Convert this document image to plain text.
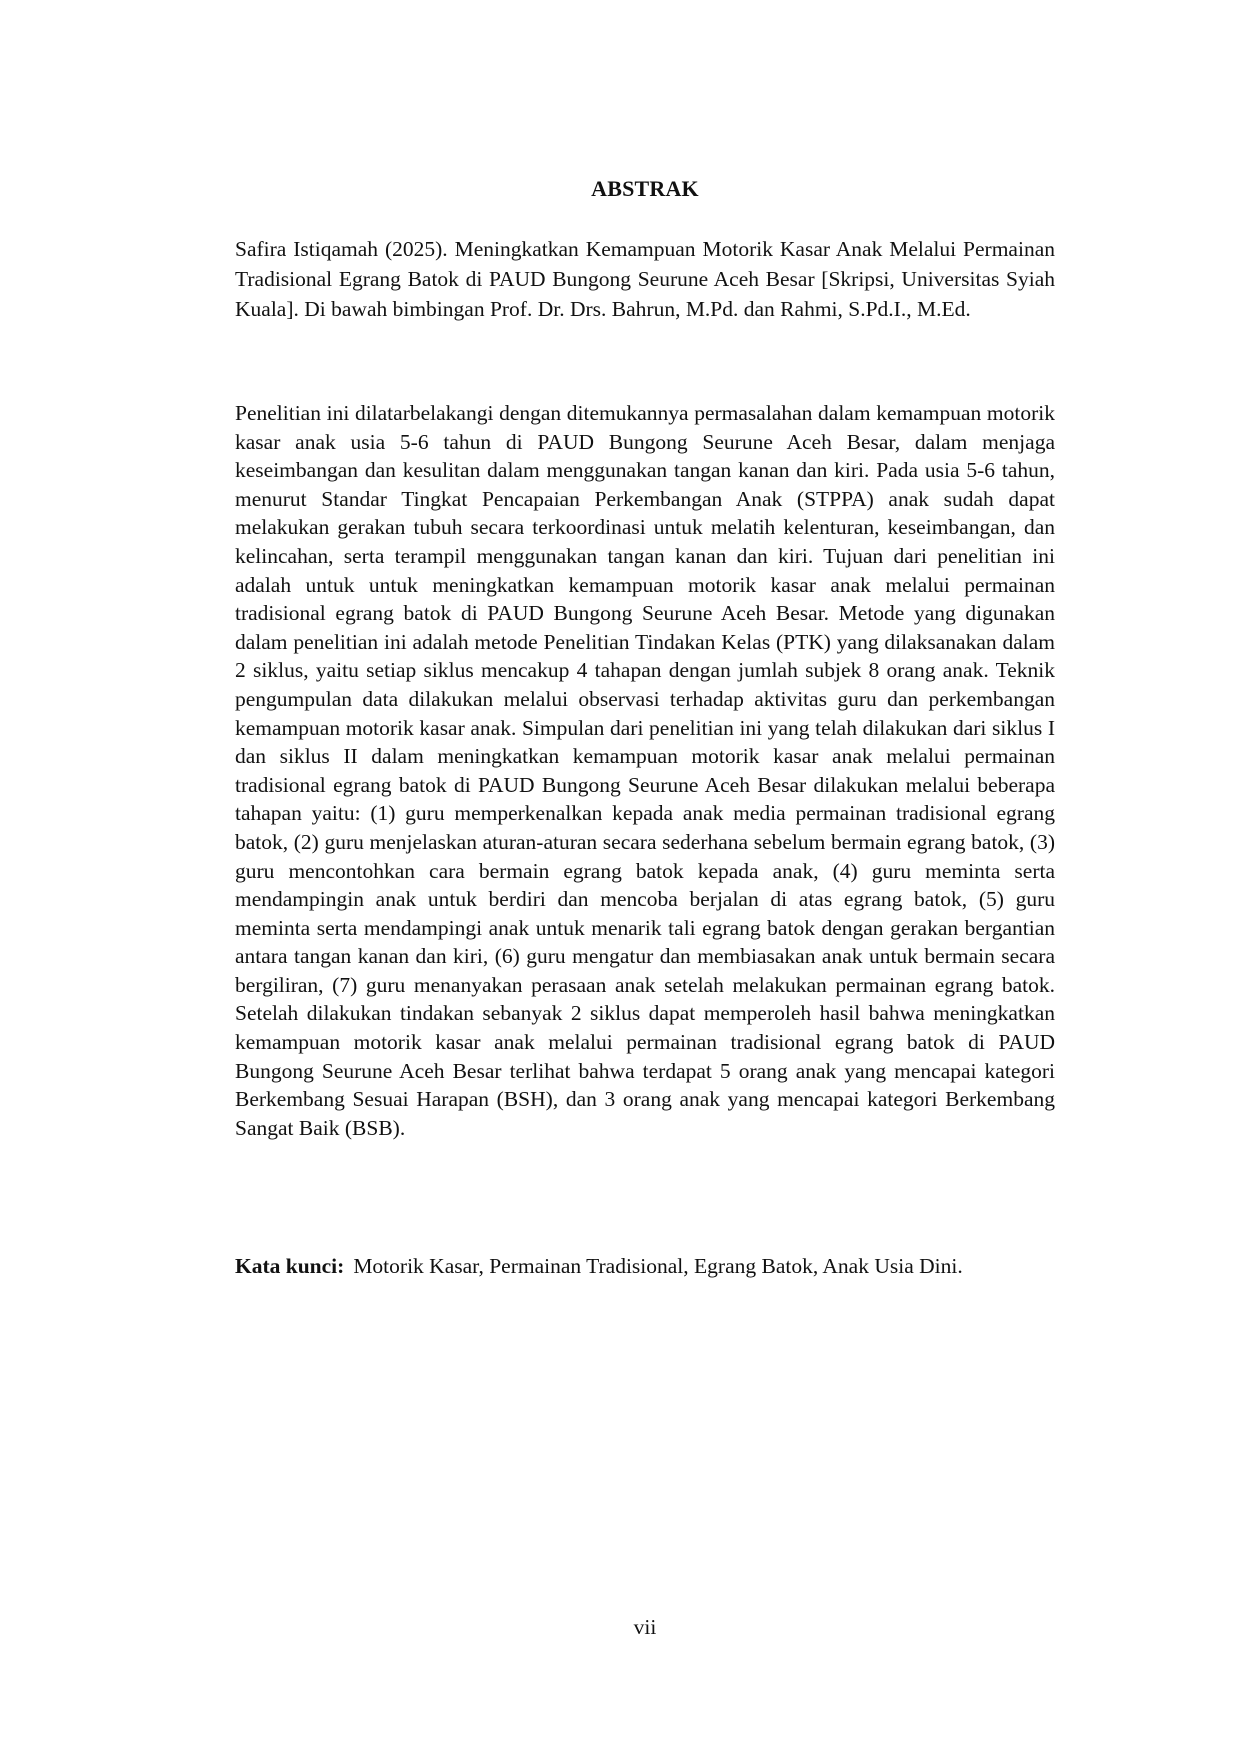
ABSTRAK
Safira Istiqamah (2025). Meningkatkan Kemampuan Motorik Kasar Anak Melalui Permainan Tradisional Egrang Batok di PAUD Bungong Seurune Aceh Besar [Skripsi, Universitas Syiah Kuala]. Di bawah bimbingan Prof. Dr. Drs. Bahrun, M.Pd. dan Rahmi, S.Pd.I., M.Ed.
Penelitian ini dilatarbelakangi dengan ditemukannya permasalahan dalam kemampuan motorik kasar anak usia 5-6 tahun di PAUD Bungong Seurune Aceh Besar, dalam menjaga keseimbangan dan kesulitan dalam menggunakan tangan kanan dan kiri. Pada usia 5-6 tahun, menurut Standar Tingkat Pencapaian Perkembangan Anak (STPPA) anak sudah dapat melakukan gerakan tubuh secara terkoordinasi untuk melatih kelenturan, keseimbangan, dan kelincahan, serta terampil menggunakan tangan kanan dan kiri. Tujuan dari penelitian ini adalah untuk untuk meningkatkan kemampuan motorik kasar anak melalui permainan tradisional egrang batok di PAUD Bungong Seurune Aceh Besar. Metode yang digunakan dalam penelitian ini adalah metode Penelitian Tindakan Kelas (PTK) yang dilaksanakan dalam 2 siklus, yaitu setiap siklus mencakup 4 tahapan dengan jumlah subjek 8 orang anak. Teknik pengumpulan data dilakukan melalui observasi terhadap aktivitas guru dan perkembangan kemampuan motorik kasar anak. Simpulan dari penelitian ini yang telah dilakukan dari siklus I dan siklus II dalam meningkatkan kemampuan motorik kasar anak melalui permainan tradisional egrang batok di PAUD Bungong Seurune Aceh Besar dilakukan melalui beberapa tahapan yaitu: (1) guru memperkenalkan kepada anak media permainan tradisional egrang batok, (2) guru menjelaskan aturan-aturan secara sederhana sebelum bermain egrang batok, (3) guru mencontohkan cara bermain egrang batok kepada anak, (4) guru meminta serta mendampingin anak untuk berdiri dan mencoba berjalan di atas egrang batok, (5) guru meminta serta mendampingi anak untuk menarik tali egrang batok dengan gerakan bergantian antara tangan kanan dan kiri, (6) guru mengatur dan membiasakan anak untuk bermain secara bergiliran, (7) guru menanyakan perasaan anak setelah melakukan permainan egrang batok. Setelah dilakukan tindakan sebanyak 2 siklus dapat memperoleh hasil bahwa meningkatkan kemampuan motorik kasar anak melalui permainan tradisional egrang batok di PAUD Bungong Seurune Aceh Besar terlihat bahwa terdapat 5 orang anak yang mencapai kategori Berkembang Sesuai Harapan (BSH), dan 3 orang anak yang mencapai kategori Berkembang Sangat Baik (BSB).
Kata kunci: Motorik Kasar, Permainan Tradisional, Egrang Batok, Anak Usia Dini.
vii
